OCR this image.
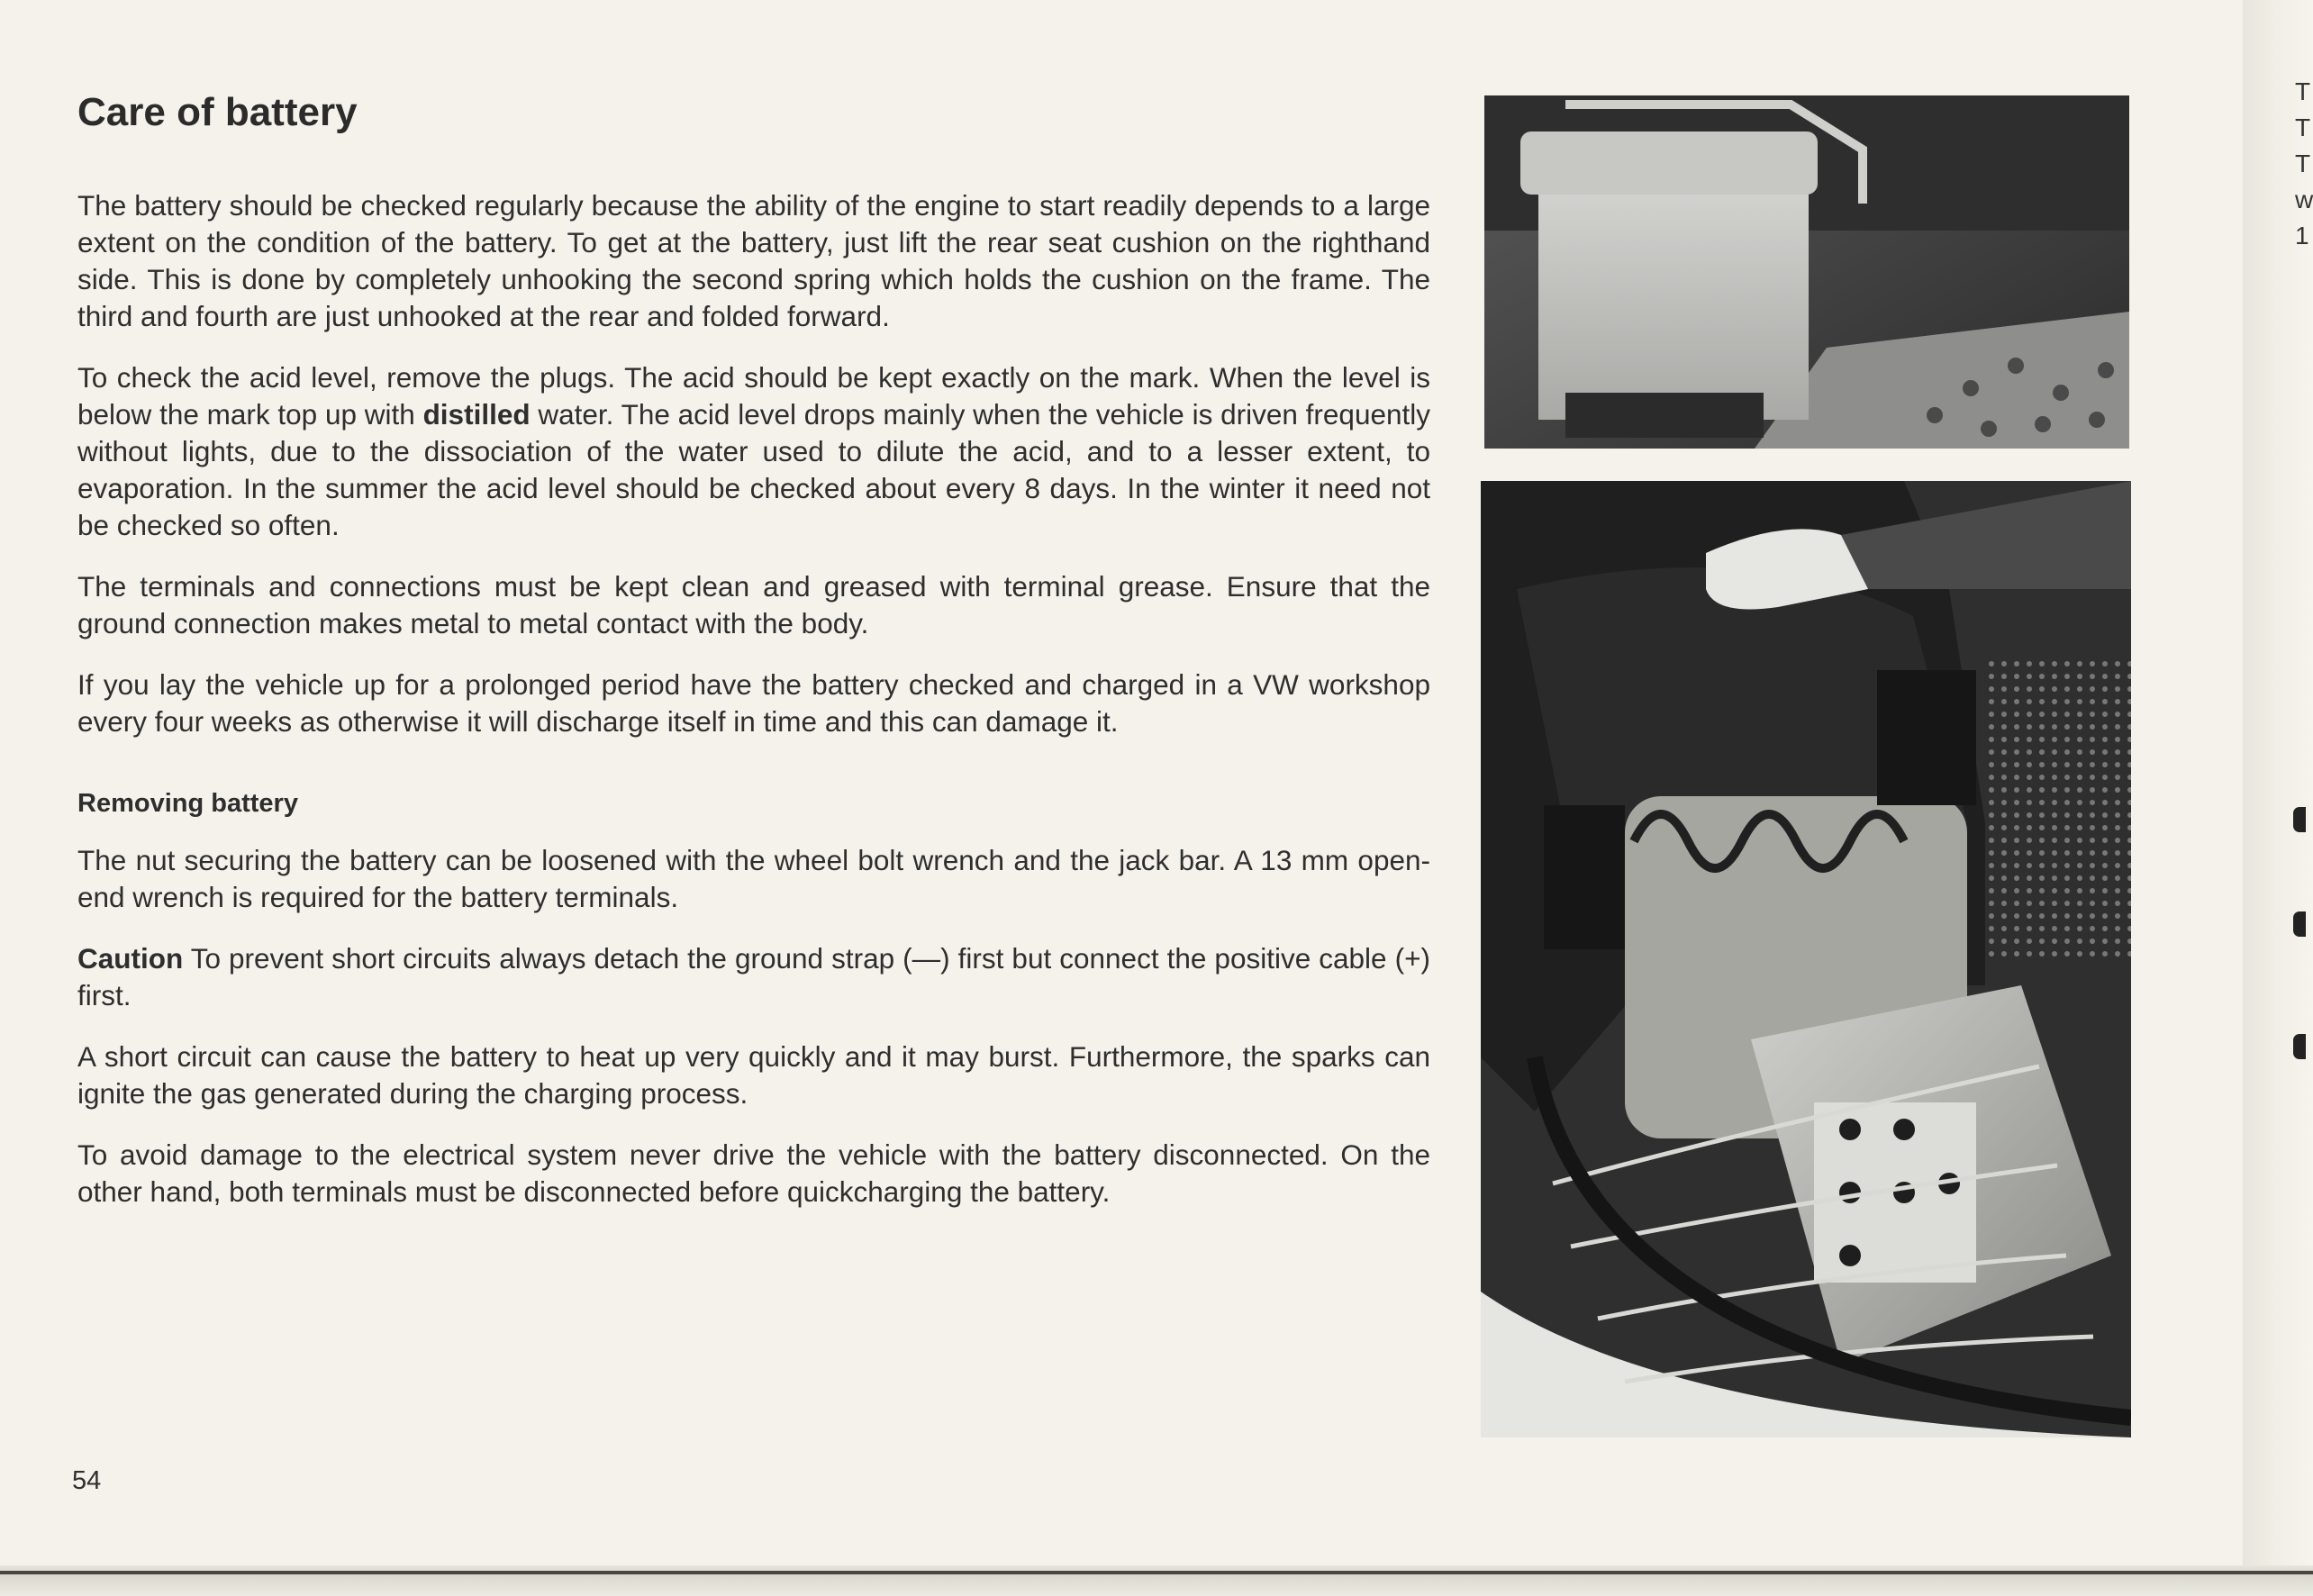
Care of battery

The battery should be checked regularly because the ability of the engine to start readily depends to a large extent on the condition of the battery. To get at the battery, just lift the rear seat cushion on the righthand side. This is done by completely unhooking the second spring which holds the cushion on the frame. The third and fourth are just unhooked at the rear and folded forward.

To check the acid level, remove the plugs. The acid should be kept exactly on the mark. When the level is below the mark top up with distilled water. The acid level drops mainly when the vehicle is driven frequently without lights, due to the dissociation of the water used to dilute the acid, and to a lesser extent, to evaporation. In the summer the acid level should be checked about every 8 days. In the winter it need not be checked so often.

The terminals and connections must be kept clean and greased with terminal grease. Ensure that the ground connection makes metal to metal contact with the body.

If you lay the vehicle up for a prolonged period have the battery checked and charged in a VW workshop every four weeks as otherwise it will discharge itself in time and this can damage it.

Removing battery

The nut securing the battery can be loosened with the wheel bolt wrench and the jack bar. A 13 mm open-end wrench is required for the battery terminals.

Caution To prevent short circuits always detach the ground strap (—) first but connect the positive cable (+) first.

A short circuit can cause the battery to heat up very quickly and it may burst. Furthermore, the sparks can ignite the gas generated during the charging process.

To avoid damage to the electrical system never drive the vehicle with the battery disconnected. On the other hand, both terminals must be disconnected before quickcharging the battery.

54
T
T
T
w
1
